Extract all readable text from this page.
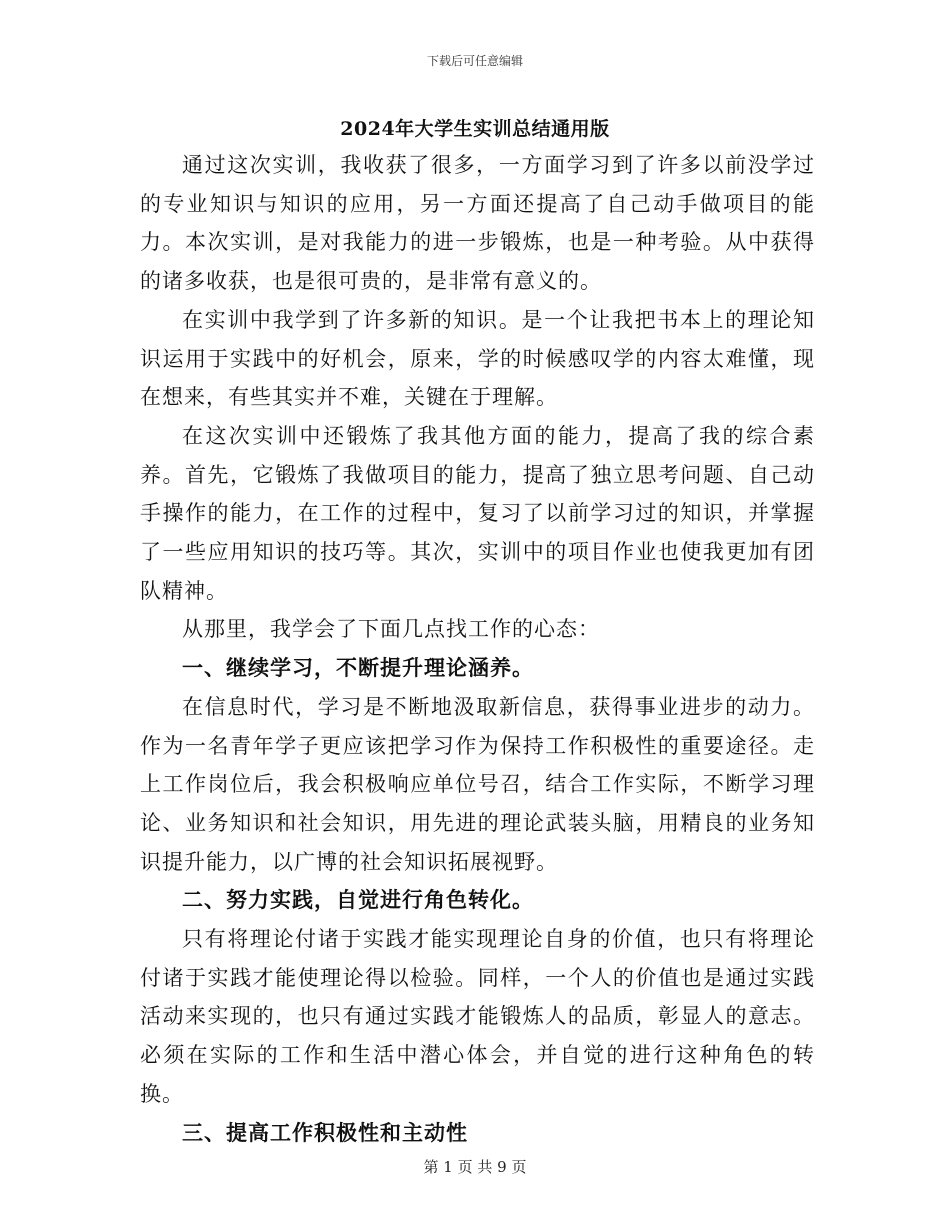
下载后可任意编辑
2024年大学生实训总结通用版

通过这次实训，我收获了很多，一方面学习到了许多以前没学过的专业知识与知识的应用，另一方面还提高了自己动手做项目的能力。本次实训，是对我能力的进一步锻炼，也是一种考验。从中获得的诸多收获，也是很可贵的，是非常有意义的。

在实训中我学到了许多新的知识。是一个让我把书本上的理论知识运用于实践中的好机会，原来，学的时候感叹学的内容太难懂，现在想来，有些其实并不难，关键在于理解。

在这次实训中还锻炼了我其他方面的能力，提高了我的综合素养。首先，它锻炼了我做项目的能力，提高了独立思考问题、自己动手操作的能力，在工作的过程中，复习了以前学习过的知识，并掌握了一些应用知识的技巧等。其次，实训中的项目作业也使我更加有团队精神。

从那里，我学会了下面几点找工作的心态：

一、继续学习，不断提升理论涵养。

在信息时代，学习是不断地汲取新信息，获得事业进步的动力。作为一名青年学子更应该把学习作为保持工作积极性的重要途径。走上工作岗位后，我会积极响应单位号召，结合工作实际，不断学习理论、业务知识和社会知识，用先进的理论武装头脑，用精良的业务知识提升能力，以广博的社会知识拓展视野。

二、努力实践，自觉进行角色转化。

只有将理论付诸于实践才能实现理论自身的价值，也只有将理论付诸于实践才能使理论得以检验。同样，一个人的价值也是通过实践活动来实现的，也只有通过实践才能锻炼人的品质，彰显人的意志。必须在实际的工作和生活中潜心体会，并自觉的进行这种角色的转换。

三、提高工作积极性和主动性

第 1 页 共 9 页
